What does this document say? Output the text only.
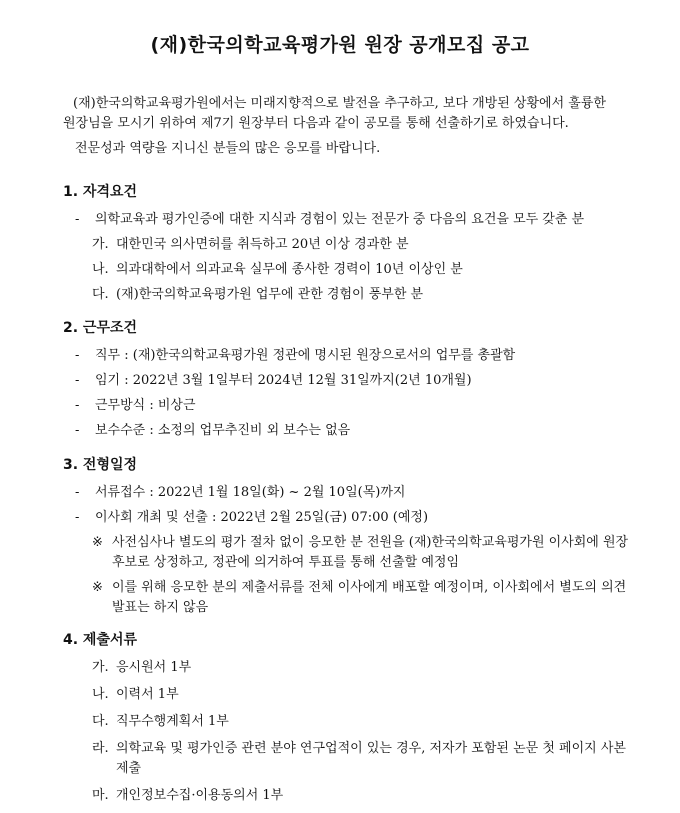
(재)한국의학교육평가원 원장 공개모집 공고

(재)한국의학교육평가원에서는 미래지향적으로 발전을 추구하고, 보다 개방된 상황에서 훌륭한

원장님을 모시기 위하여 제7기 원장부터 다음과 같이 공모를 통해 선출하기로 하였습니다.

전문성과 역량을 지니신 분들의 많은 응모를 바랍니다.

1. 자격요건
-	의학교육과 평가인증에 대한 지식과 경험이 있는 전문가 중 다음의 요건을 모두 갖춘 분
가. 대한민국 의사면허를 취득하고 20년 이상 경과한 분
나. 의과대학에서 의과교육 실무에 종사한 경력이 10년 이상인 분
다. (재)한국의학교육평가원 업무에 관한 경험이 풍부한 분
2. 근무조건
-	직무 : (재)한국의학교육평가원 정관에 명시된 원장으로서의 업무를 총괄함
-	임기 : 2022년 3월 1일부터 2024년 12월 31일까지(2년 10개월)
-	근무방식 : 비상근
-	보수수준 : 소정의 업무추진비 외 보수는 없음
3. 전형일정
-	서류접수 : 2022년 1월 18일(화) ~ 2월 10일(목)까지
-	이사회 개최 및 선출 : 2022년 2월 25일(금) 07:00 (예정)
※ 사전심사나 별도의 평가 절차 없이 응모한 분 전원을 (재)한국의학교육평가원 이사회에 원장 후보로 상정하고, 정관에 의거하여 투표를 통해 선출할 예정임
※ 이를 위해 응모한 분의 제출서류를 전체 이사에게 배포할 예정이며, 이사회에서 별도의 의견 발표는 하지 않음
4. 제출서류
가. 응시원서 1부
나. 이력서 1부
다. 직무수행계획서 1부
라. 의학교육 및 평가인증 관련 분야 연구업적이 있는 경우, 저자가 포함된 논문 첫 페이지 사본 제출
마. 개인정보수집·이용동의서 1부
